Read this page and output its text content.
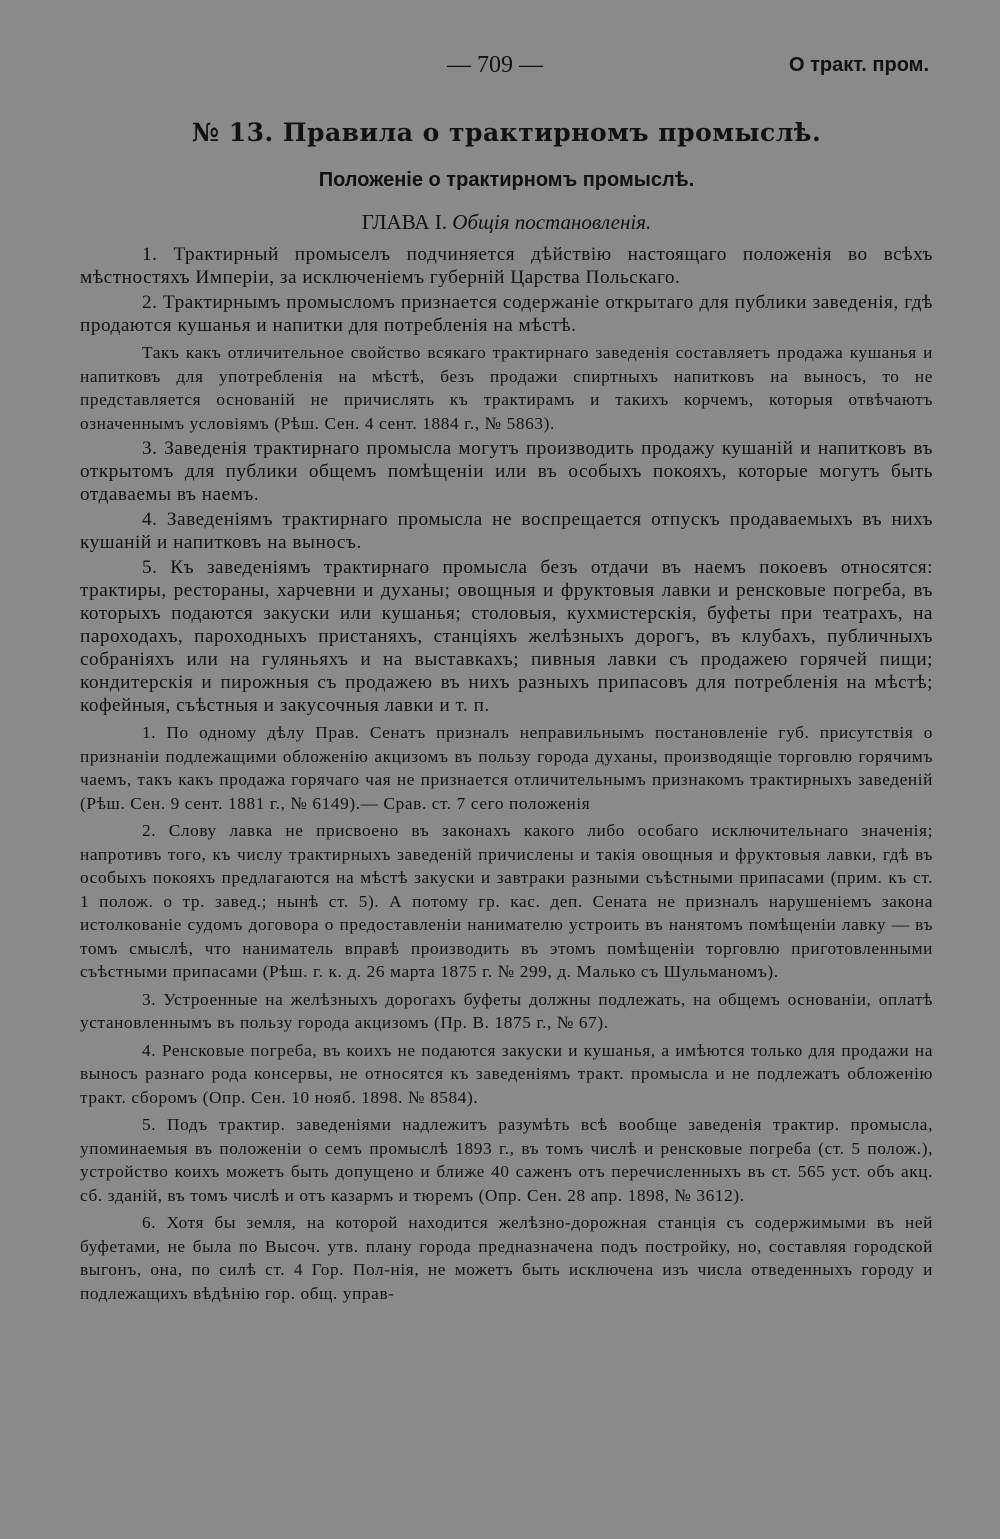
— 709 —	О тракт. пром.
№ 13. Правила о трактирномъ промыслѣ.
Положеніе о трактирномъ промыслѣ.
ГЛАВА I. Общія постановленія.

1. Трактирный промыселъ подчиняется дѣйствію настоящаго положенія во всѣхъ мѣстностяхъ Имперіи, за исключеніемъ губерній Царства Польскаго.

2. Трактирнымъ промысломъ признается содержаніе открытаго для публики заведенія, гдѣ продаются кушанья и напитки для потребленія на мѣстѣ.

Такъ какъ отличительное свойство всякаго трактирнаго заведенія составляетъ продажа кушанья и напитковъ для употребленія на мѣстѣ, безъ продажи спиртныхъ напитковъ на выносъ, то не представляется основаній не причислять къ трактирамъ и такихъ корчемъ, которыя отвѣчаютъ означеннымъ условіямъ (Рѣш. Сен. 4 сент. 1884 г., № 5863).

3. Заведенія трактирнаго промысла могутъ производить продажу кушаній и напитковъ въ открытомъ для публики общемъ помѣщеніи или въ особыхъ покояхъ, которые могутъ быть отдаваемы въ наемъ.

4. Заведеніямъ трактирнаго промысла не воспрещается отпускъ продаваемыхъ въ нихъ кушаній и напитковъ на выносъ.

5. Къ заведеніямъ трактирнаго промысла безъ отдачи въ наемъ покоевъ относятся: трактиры, рестораны, харчевни и духаны; овощныя и фруктовыя лавки и ренсковые погреба, въ которыхъ подаются закуски или кушанья; столовыя, кухмистерскія, буфеты при театрахъ, на пароходахъ, пароходныхъ пристаняхъ, станціяхъ желѣзныхъ дорогъ, въ клубахъ, публичныхъ собраніяхъ или на гуляньяхъ и на выставкахъ; пивныя лавки съ продажею горячей пищи; кондитерскія и пирожныя съ продажею въ нихъ разныхъ припасовъ для потребленія на мѣстѣ; кофейныя, съѣстныя и закусочныя лавки и т. п.

1. По одному дѣлу Прав. Сенатъ призналъ неправильнымъ постановленіе губ. присутствія о признаніи подлежащими обложенію акцизомъ въ пользу города духаны, производящіе торговлю горячимъ чаемъ, такъ какъ продажа горячаго чая не признается отличительнымъ признакомъ трактирныхъ заведеній (Рѣш. Сен. 9 сент. 1881 г., № 6149).— Срав. ст. 7 сего положенія

2. Слову лавка не присвоено въ законахъ какого либо особаго исключительнаго значенія; напротивъ того, къ числу трактирныхъ заведеній причислены и такія овощныя и фруктовыя лавки, гдѣ въ особыхъ покояхъ предлагаются на мѣстѣ закуски и завтраки разными съѣстными припасами (прим. къ ст. 1 полож. о тр. завед.; нынѣ ст. 5). А потому гр. кас. деп. Сената не призналъ нарушеніемъ закона истолкованіе судомъ договора о предоставленіи нанимателю устроить въ нанятомъ помѣщеніи лавку — въ томъ смыслѣ, что наниматель вправѣ производить въ этомъ помѣщеніи торговлю приготовленными съѣстными припасами (Рѣш. г. к. д. 26 марта 1875 г. № 299, д. Малько съ Шульманомъ).

3. Устроенные на желѣзныхъ дорогахъ буфеты должны подлежать, на общемъ основаніи, оплатѣ установленнымъ въ пользу города акцизомъ (Пр. В. 1875 г., № 67).

4. Ренсковые погреба, въ коихъ не подаются закуски и кушанья, а имѣются только для продажи на выносъ разнаго рода консервы, не относятся къ заведеніямъ тракт. промысла и не подлежатъ обложенію тракт. сборомъ (Опр. Сен. 10 нояб. 1898. № 8584).

5. Подъ трактир. заведеніями надлежитъ разумѣть всѣ вообще заведенія трактир. промысла, упоминаемыя въ положеніи о семъ промыслѣ 1893 г., въ томъ числѣ и ренсковые погреба (ст. 5 полож.), устройство коихъ можетъ быть допущено и ближе 40 саженъ отъ перечисленныхъ въ ст. 565 уст. объ акц. сб. зданій, въ томъ числѣ и отъ казармъ и тюремъ (Опр. Сен. 28 апр. 1898, № 3612).

6. Хотя бы земля, на которой находится желѣзно-дорожная станція съ содержимыми въ ней буфетами, не была по Высоч. утв. плану города предназначена подъ постройку, но, составляя городской выгонъ, она, по силѣ ст. 4 Гор. Пол-нія, не можетъ быть исключена изъ числа отведенныхъ городу и подлежащихъ вѣдѣнію гор. общ. управ-
